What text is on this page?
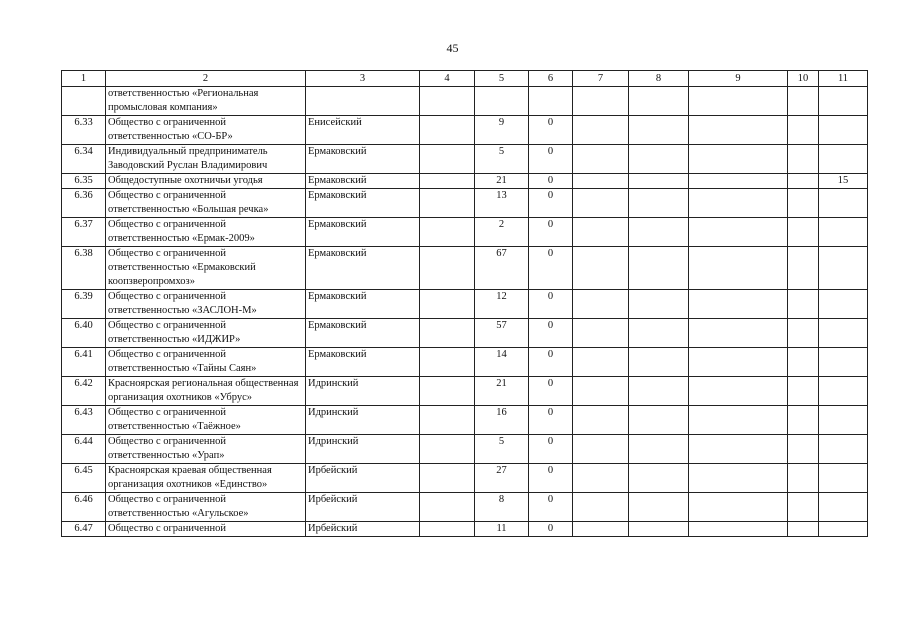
45
1	2	3	4	5	6	7	8	9	10	11
	ответственностью «Региональная промысловая компания»									
6.33	Общество с ограниченной ответственностью «СО-БР»	Енисейский		9	0					
6.34	Индивидуальный предприниматель Заводовский Руслан Владимирович	Ермаковский		5	0					
6.35	Общедоступные охотничьи угодья	Ермаковский		21	0					15
6.36	Общество с ограниченной ответственностью «Большая речка»	Ермаковский		13	0					
6.37	Общество с ограниченной ответственностью «Ермак-2009»	Ермаковский		2	0					
6.38	Общество с ограниченной ответственностью «Ермаковский коопзверопромхоз»	Ермаковский		67	0					
6.39	Общество с ограниченной ответственностью «ЗАСЛОН-М»	Ермаковский		12	0					
6.40	Общество с ограниченной ответственностью «ИДЖИР»	Ермаковский		57	0					
6.41	Общество с ограниченной ответственностью «Тайны Саян»	Ермаковский		14	0					
6.42	Красноярская региональная общественная организация охотников «Убрус»	Идринский		21	0					
6.43	Общество с ограниченной ответственностью «Таёжное»	Идринский		16	0					
6.44	Общество с ограниченной ответственностью «Урап»	Идринский		5	0					
6.45	Красноярская краевая общественная организация охотников «Единство»	Ирбейский		27	0					
6.46	Общество с ограниченной ответственностью «Агульское»	Ирбейский		8	0					
6.47	Общество с ограниченной	Ирбейский		11	0					
